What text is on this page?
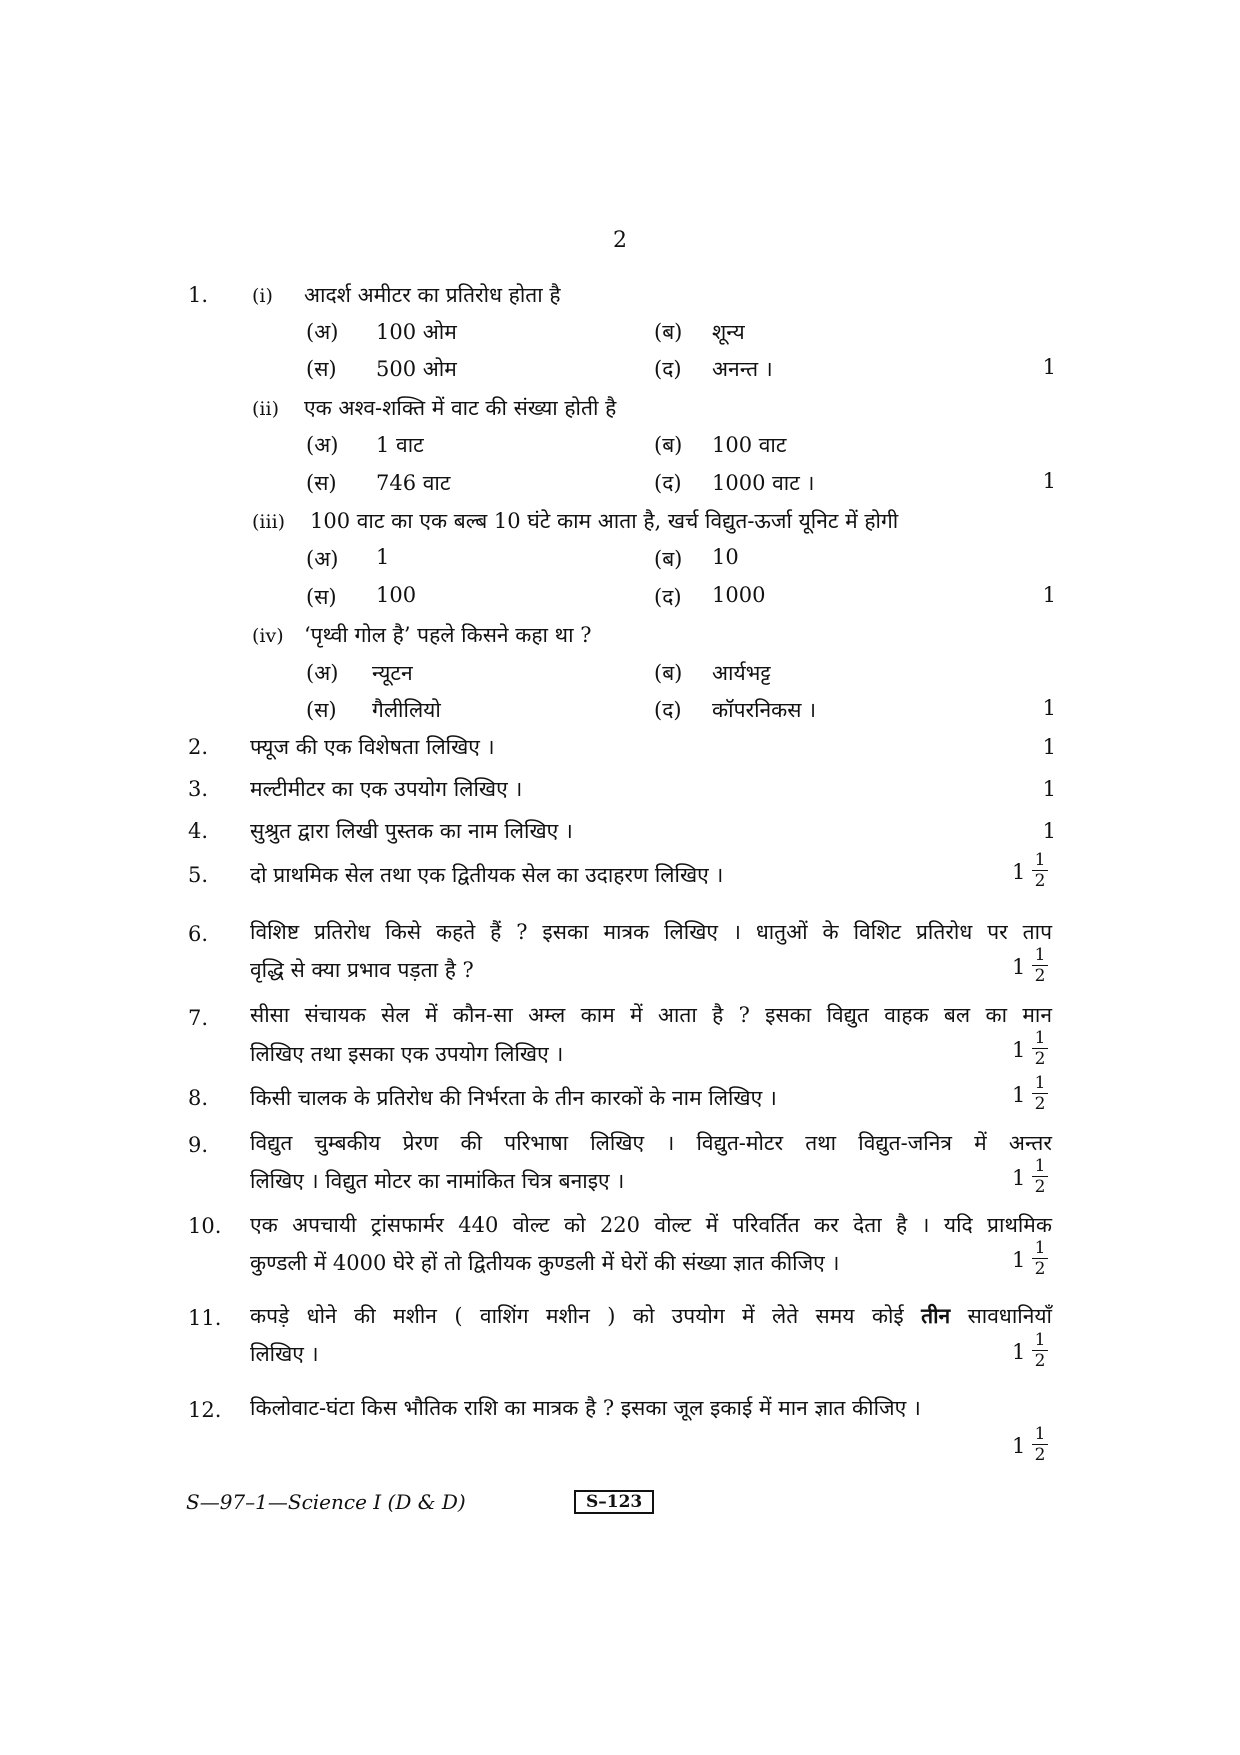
2
1. (i) आदर्श अमीटर का प्रतिरोध होता है
(अ) 100 ओम	(ब) शून्य
(स) 500 ओम	(द) अनन्त ।	1
(ii) एक अश्व-शक्ति में वाट की संख्या होती है
(अ) 1 वाट	(ब) 100 वाट
(स) 746 वाट	(द) 1000 वाट ।	1
(iii) 100 वाट का एक बल्ब 10 घंटे काम आता है, खर्च विद्युत-ऊर्जा यूनिट में होगी
(अ) 1	(ब) 10
(स) 100	(द) 1000	1
(iv) ‘पृथ्वी गोल है’ पहले किसने कहा था ?
(अ) न्यूटन	(ब) आर्यभट्ट
(स) गैलीलियो	(द) कॉपरनिकस ।	1
2. फ्यूज की एक विशेषता लिखिए ।	1
3. मल्टीमीटर का एक उपयोग लिखिए ।	1
4. सुश्रुत द्वारा लिखी पुस्तक का नाम लिखिए ।	1
5. दो प्राथमिक सेल तथा एक द्वितीयक सेल का उदाहरण लिखिए ।	$1 \frac{1}{2}$
6. विशिष्ट प्रतिरोध किसे कहते हैं ? इसका मात्रक लिखिए । धातुओं के विशिट प्रतिरोध पर ताप
वृद्धि से क्या प्रभाव पड़ता है ?	$1 \frac{1}{2}$
7. सीसा संचायक सेल में कौन-सा अम्ल काम में आता है ? इसका विद्युत वाहक बल का मान
लिखिए तथा इसका एक उपयोग लिखिए ।	$1 \frac{1}{2}$
8. किसी चालक के प्रतिरोध की निर्भरता के तीन कारकों के नाम लिखिए ।	$1 \frac{1}{2}$
9. विद्युत चुम्बकीय प्रेरण की परिभाषा लिखिए । विद्युत-मोटर तथा विद्युत-जनित्र में अन्तर
लिखिए । विद्युत मोटर का नामांकित चित्र बनाइए ।	$1 \frac{1}{2}$
10. एक अपचायी ट्रांसफार्मर 440 वोल्ट को 220 वोल्ट में परिवर्तित कर देता है । यदि प्राथमिक
कुण्डली में 4000 घेरे हों तो द्वितीयक कुण्डली में घेरों की संख्या ज्ञात कीजिए ।	$1 \frac{1}{2}$
11. कपड़े धोने की मशीन ( वाशिंग मशीन ) को उपयोग में लेते समय कोई तीन सावधानियाँ
लिखिए ।	$1 \frac{1}{2}$
12. किलोवाट-घंटा किस भौतिक राशि का मात्रक है ? इसका जूल इकाई में मान ज्ञात कीजिए ।
$1 \frac{1}{2}$
S—97–1—Science I (D & D)	S–123
